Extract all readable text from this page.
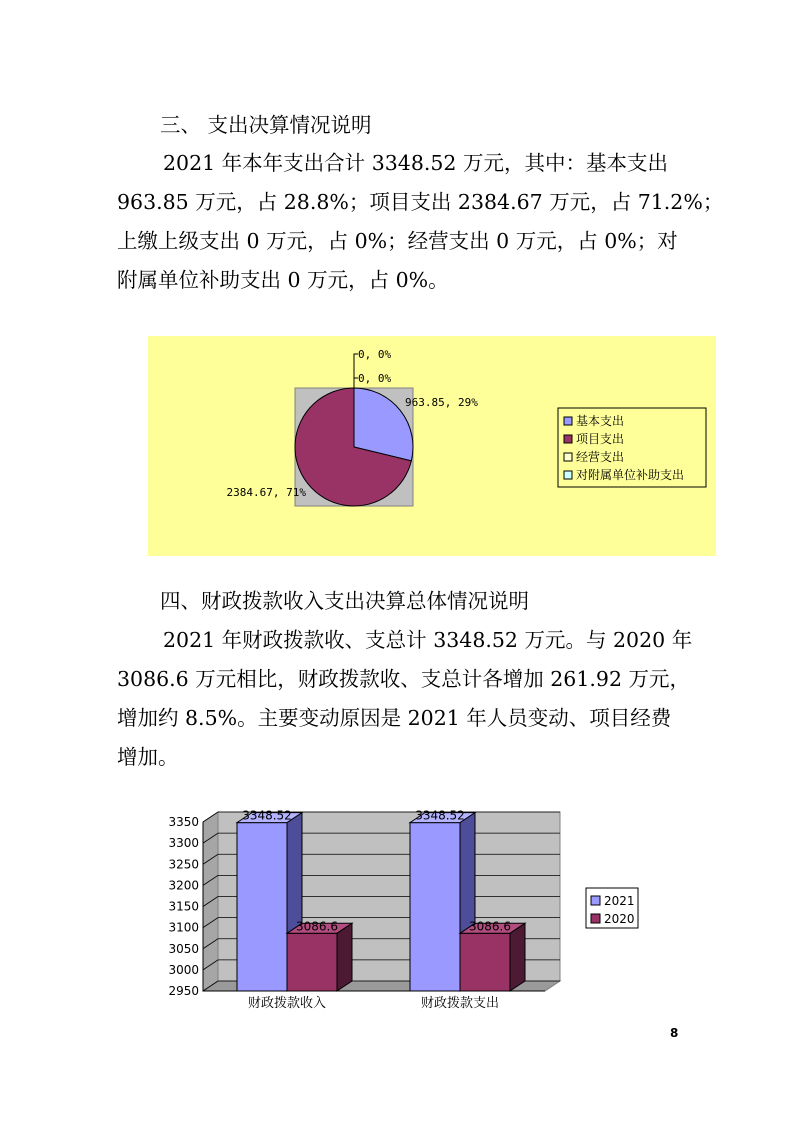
三、 支出决算情况说明
2021 年本年支出合计 3348.52 万元，其中：基本支出
963.85 万元，占 28.8%；项目支出 2384.67 万元，占 71.2%；
上缴上级支出 0 万元，占 0%；经营支出 0 万元，占 0%；对
附属单位补助支出 0 万元，占 0%。
963.85, 29%
2384.67, 71%
0, 0%
0, 0%
基本支出
项目支出
经营支出
对附属单位补助支出
四、财政拨款收入支出决算总体情况说明
2021 年财政拨款收、支总计 3348.52 万元。与 2020 年
3086.6 万元相比，财政拨款收、支总计各增加 261.92 万元，
增加约 8.5%。主要变动原因是 2021 年人员变动、项目经费
增加。
2950
3000
3050
3100
3150
3200
3250
3300
3350	3348.52
3086.6
3348.52
3086.6
财政拨款收入	财政拨款支出
2021
2020
8
